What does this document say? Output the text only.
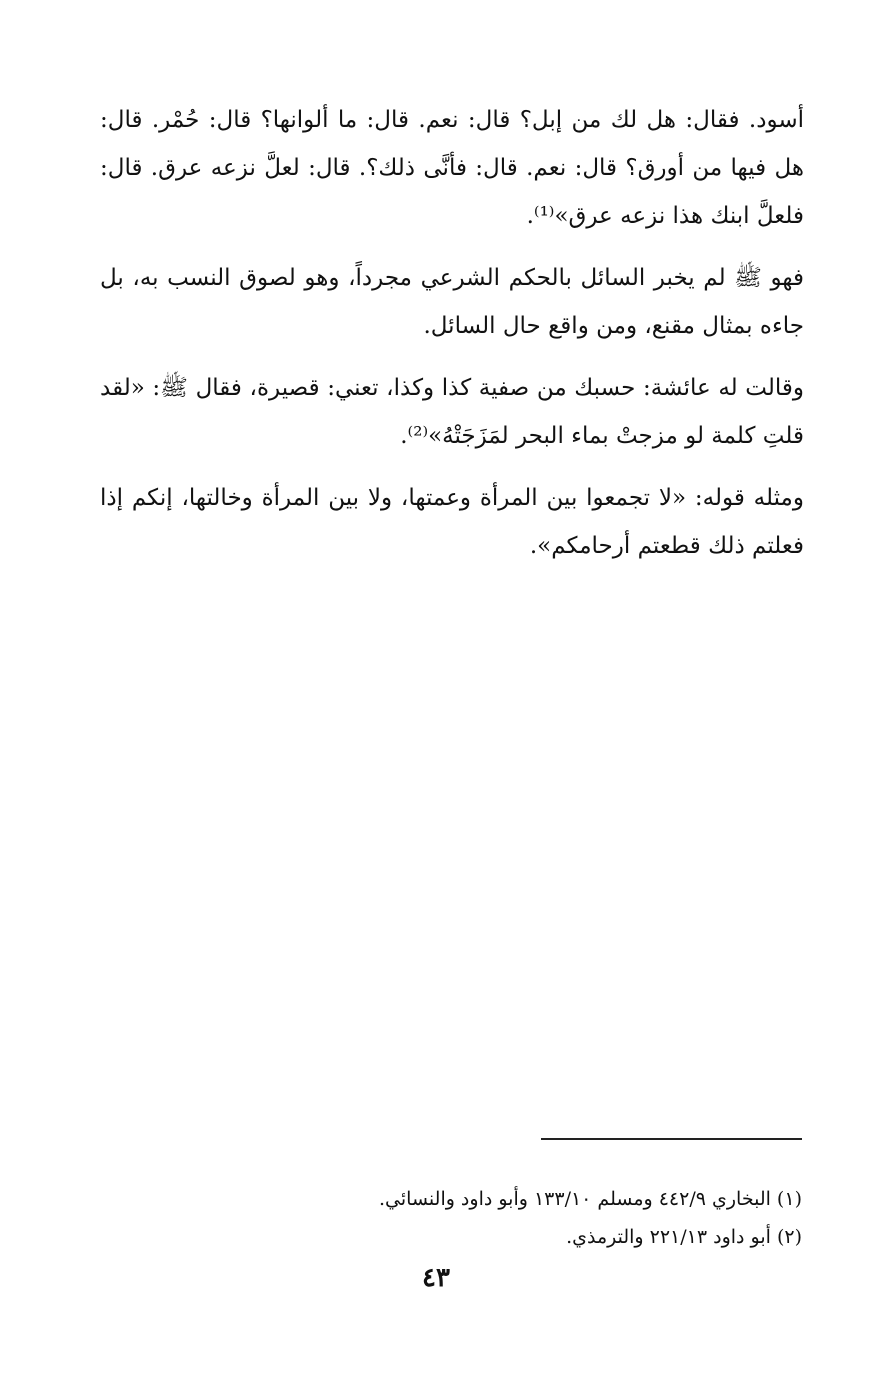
أسود. فقال: هل لك من إبل؟ قال: نعم. قال: ما ألوانها؟ قال: حُمْر. قال: هل فيها من أورق؟ قال: نعم. قال: فأنَّى ذلك؟. قال: لعلَّ نزعه عرق. قال: فلعلَّ ابنك هذا نزعه عرق»⁽¹⁾.

فهو ﷺ لم يخبر السائل بالحكم الشرعي مجرداً، وهو لصوق النسب به، بل جاءه بمثال مقنع، ومن واقع حال السائل.

وقالت له عائشة: حسبك من صفية كذا وكذا، تعني: قصيرة، فقال ﷺ: «لقد قلتِ كلمة لو مزجتْ بماء البحر لمَزَجَتْهُ»⁽²⁾.

ومثله قوله: «لا تجمعوا بين المرأة وعمتها، ولا بين المرأة وخالتها، إنكم إذا فعلتم ذلك قطعتم أرحامكم».

(١) البخاري ٤٤٢/٩ ومسلم ١٣٣/١٠ وأبو داود والنسائي.

(٢) أبو داود ٢٢١/١٣ والترمذي.

٤٣
